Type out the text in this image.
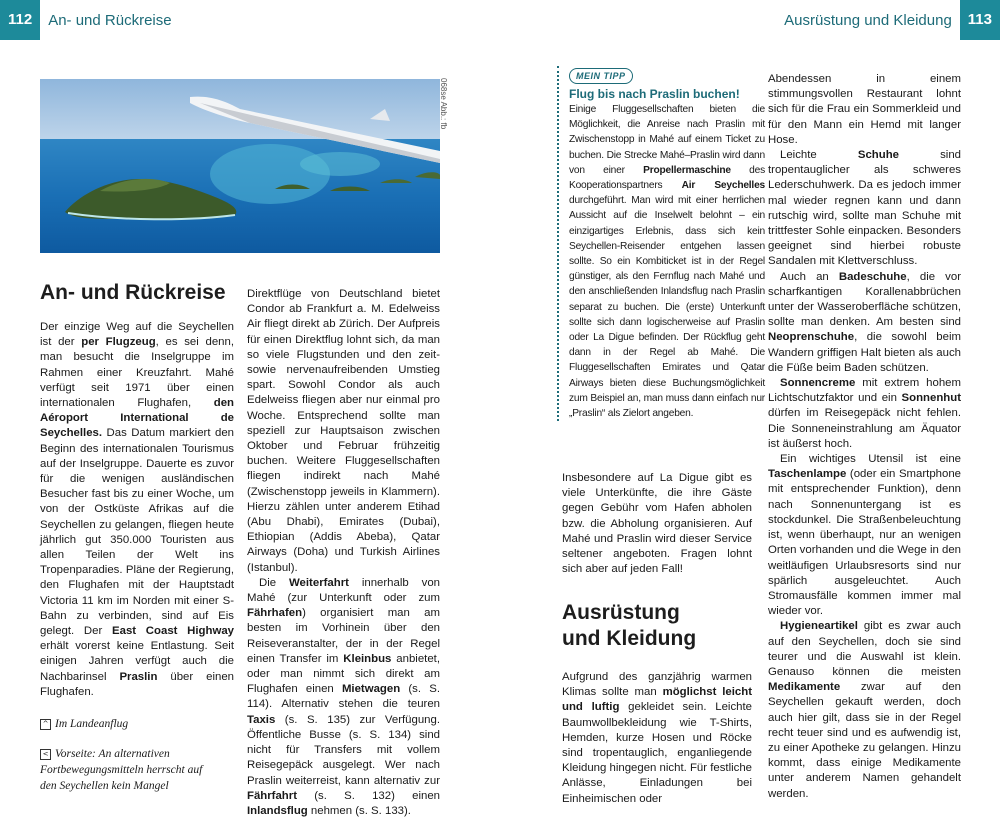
112	An- und Rückreise	Ausrüstung und Kleidung	113
068se Abb.: fb
An- und Rückreise

Der einzige Weg auf die Seychellen ist der per Flugzeug, es sei denn, man besucht die Inselgruppe im Rahmen einer Kreuzfahrt. Mahé verfügt seit 1971 über einen internationalen Flughafen, den Aéroport International de Seychelles. Das Datum markiert den Beginn des internationalen Tourismus auf der Inselgruppe. Dauerte es zuvor für die wenigen ausländischen Besucher fast bis zu einer Woche, um von der Ostküste Afrikas auf die Seychellen zu gelangen, fliegen heute jährlich gut 350.000 Touristen aus allen Teilen der Welt ins Tropenparadies. Pläne der Regierung, den Flughafen mit der Hauptstadt Victoria 11 km im Norden mit einer S-Bahn zu verbinden, sind auf Eis gelegt. Der East Coast Highway erhält vorerst keine Entlastung. Seit einigen Jahren verfügt auch die Nachbarinsel Praslin über einen Flughafen.

Direktflüge von Deutschland bietet Condor ab Frankfurt a. M. Edelweiss Air fliegt direkt ab Zürich. Der Aufpreis für einen Direktflug lohnt sich, da man so viele Flugstunden und den zeit- sowie nervenaufreibenden Umstieg spart. Sowohl Condor als auch Edelweiss fliegen aber nur einmal pro Woche. Entsprechend sollte man speziell zur Hauptsaison zwischen Oktober und Februar frühzeitig buchen. Weitere Fluggesellschaften fliegen indirekt nach Mahé (Zwischenstopp jeweils in Klammern). Hierzu zählen unter anderem Etihad (Abu Dhabi), Emirates (Dubai), Ethiopian (Addis Abeba), Qatar Airways (Doha) und Turkish Airlines (Istanbul).

Die Weiterfahrt innerhalb von Mahé (zur Unterkunft oder zum Fährhafen) organisiert man am besten im Vorhinein über den Reiseveranstalter, der in der Regel einen Transfer im Kleinbus anbietet, oder man nimmt sich direkt am Flughafen einen Mietwagen (s. S. 114). Alternativ stehen die teuren Taxis (s. S. 135) zur Verfügung. Öffentliche Busse (s. S. 134) sind nicht für Transfers mit vollem Reisegepäck ausgelegt. Wer nach Praslin weiterreist, kann alternativ zur Fährfahrt (s. S. 132) einen Inlandsflug nehmen (s. S. 133).

^ Im Landeanflug
< Vorseite: An alternativen Fortbewegungsmitteln herrscht auf den Seychellen kein Mangel
MEIN TIPP
Flug bis nach Praslin buchen!

Einige Fluggesellschaften bieten die Möglichkeit, die Anreise nach Praslin mit Zwischenstopp in Mahé auf einem Ticket zu buchen. Die Strecke Mahé–Praslin wird dann von einer Propellermaschine des Kooperationspartners Air Seychelles durchgeführt. Man wird mit einer herrlichen Aussicht auf die Inselwelt belohnt – ein einzigartiges Erlebnis, dass sich kein Seychellen-Reisender entgehen lassen sollte. So ein Kombiticket ist in der Regel günstiger, als den Fernflug nach Mahé und den anschließenden Inlandsflug nach Praslin separat zu buchen. Die (erste) Unterkunft sollte sich dann logischerweise auf Praslin oder La Digue befinden. Der Rückflug geht dann in der Regel ab Mahé. Die Fluggesellschaften Emirates und Qatar Airways bieten diese Buchungsmöglichkeit zum Beispiel an, man muss dann einfach nur „Praslin“ als Zielort angeben.

Insbesondere auf La Digue gibt es viele Unterkünfte, die ihre Gäste gegen Gebühr vom Hafen abholen bzw. die Abholung organisieren. Auf Mahé und Praslin wird dieser Service seltener angeboten. Fragen lohnt sich aber auf jeden Fall!

Ausrüstung
und Kleidung

Aufgrund des ganzjährig warmen Klimas sollte man möglichst leicht und luftig gekleidet sein. Leichte Baumwollbekleidung wie T-Shirts, Hemden, kurze Hosen und Röcke sind tropentauglich, enganliegende Kleidung hingegen nicht. Für festliche Anlässe, Einladungen bei Einheimischen oder

Abendessen in einem stimmungsvollen Restaurant lohnt sich für die Frau ein Sommerkleid und für den Mann ein Hemd mit langer Hose.

Leichte Schuhe sind tropentauglicher als schweres Lederschuhwerk. Da es jedoch immer mal wieder regnen kann und dann rutschig wird, sollte man Schuhe mit trittfester Sohle einpacken. Besonders geeignet sind hierbei robuste Sandalen mit Klettverschluss.

Auch an Badeschuhe, die vor scharfkantigen Korallenabbrüchen unter der Wasseroberfläche schützen, sollte man denken. Am besten sind Neoprenschuhe, die sowohl beim Wandern griffigen Halt bieten als auch die Füße beim Baden schützen.

Sonnencreme mit extrem hohem Lichtschutzfaktor und ein Sonnenhut dürfen im Reisegepäck nicht fehlen. Die Sonneneinstrahlung am Äquator ist äußerst hoch.

Ein wichtiges Utensil ist eine Taschenlampe (oder ein Smartphone mit entsprechender Funktion), denn nach Sonnenuntergang ist es stockdunkel. Die Straßenbeleuchtung ist, wenn überhaupt, nur an wenigen Orten vorhanden und die Wege in den weitläufigen Urlaubsresorts sind nur spärlich ausgeleuchtet. Auch Stromausfälle kommen immer mal wieder vor.

Hygieneartikel gibt es zwar auch auf den Seychellen, doch sie sind teurer und die Auswahl ist klein. Genauso können die meisten Medikamente zwar auf den Seychellen gekauft werden, doch auch hier gilt, dass sie in der Regel recht teuer sind und es aufwendig ist, zu einer Apotheke zu gelangen. Hinzu kommt, dass einige Medikamente unter anderem Namen gehandelt werden.
